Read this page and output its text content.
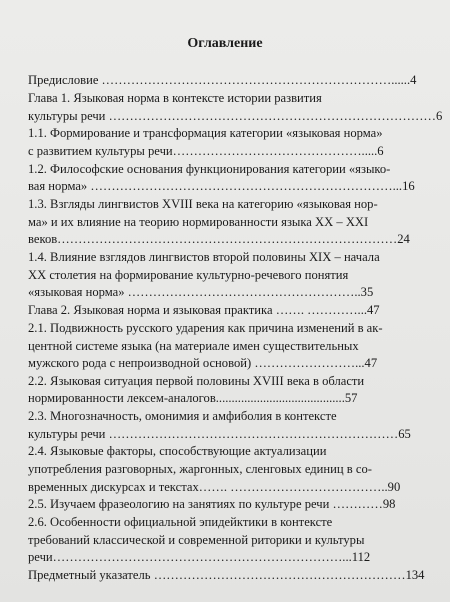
Оглавление
Предисловие ……………………………………………………………......4
Глава 1. Языковая норма в контексте истории развития
культуры речи ……………………………………………………………………6
1.1. Формирование и трансформация категории «языковая норма»
с развитием культуры речи……………………………………….....6
1.2. Философские основания функционирования категории «языко-
вая норма» ………………………………………………………………...16
1.3. Взгляды лингвистов XVIII века на категорию «языковая нор-
ма» и их влияние на теорию нормированности языка XX – XXI
веков………………………………………………………………………24
1.4. Влияние взглядов лингвистов второй половины XIX – начала
XX столетия на формирование культурно-речевого понятия
«языковая норма» ………………………………………………..35
Глава 2. Языковая норма и языковая практика ……. …………...47
2.1. Подвижность русского ударения как причина изменений в ак-
центной системе языка (на материале имен существительных
мужского рода с непроизводной основой) ……………………...47
2.2. Языковая ситуация первой половины XVIII века в области
нормированности лексем-аналогов.........................................57
2.3. Многозначность, омонимия и амфиболия в контексте
культуры речи ……………………………………………………………65
2.4. Языковые факторы, способствующие актуализации
употребления разговорных, жаргонных, сленговых единиц в со-
временных дискурсах и текстах……. ………………………………..90
2.5. Изучаем фразеологию на занятиях по культуре речи …………98
2.6. Особенности официальной эпидейктики в контексте
требований классической и современной риторики и культуры
речи……………………………………………………………...112
Предметный указатель ……………………………………………………134
